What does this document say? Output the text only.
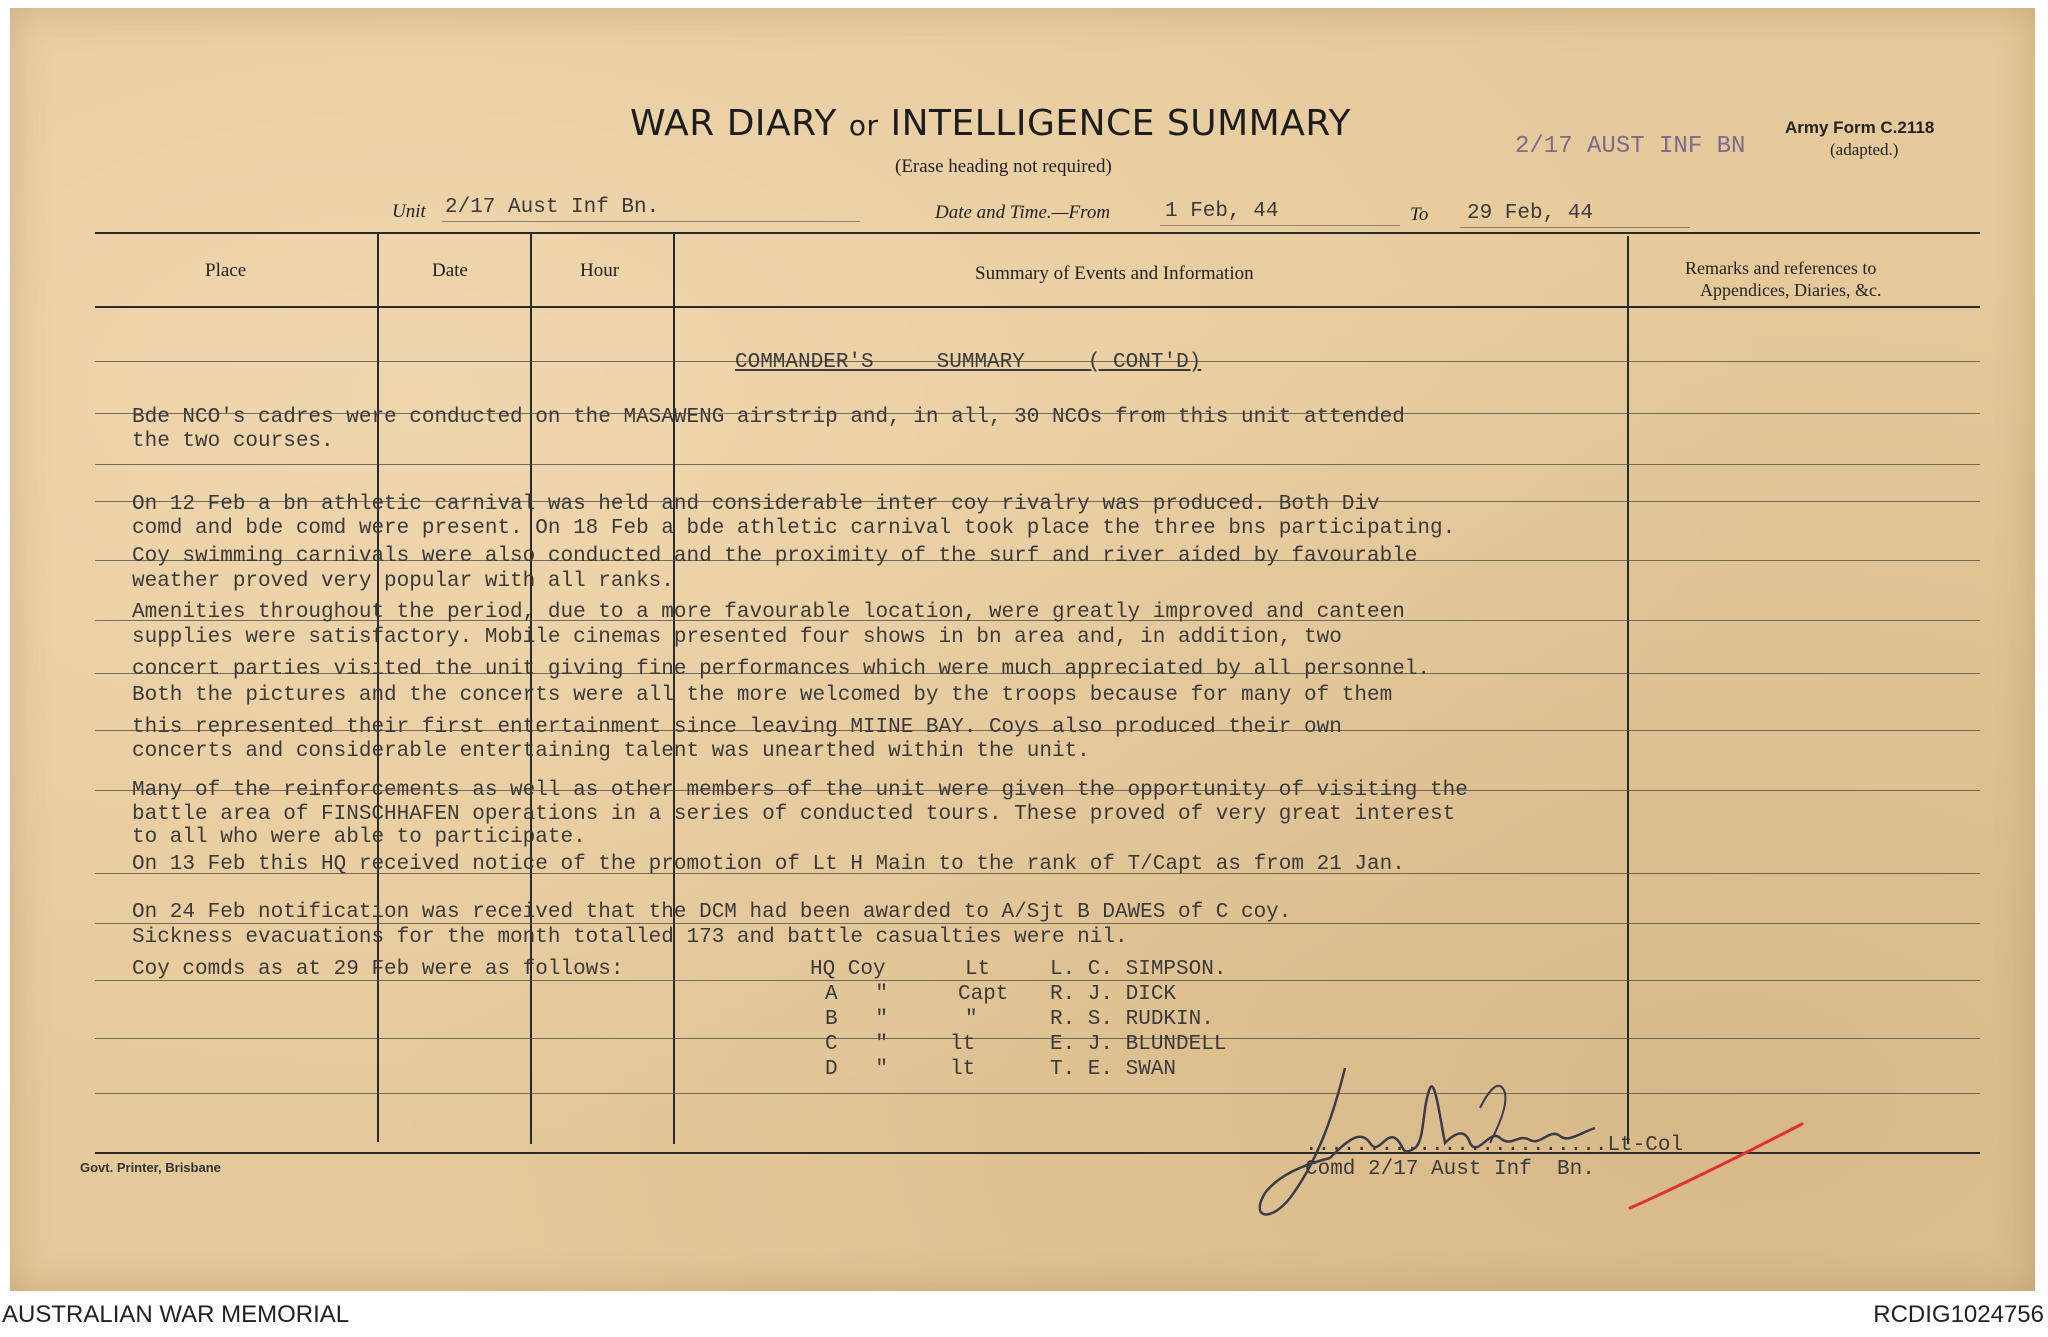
WAR DIARY or INTELLIGENCE SUMMARY
(Erase heading not required)
2/17 AUST INF BN
Army Form C.2118
(adapted.)
Unit 2/17 Aust Inf Bn.	Date and Time.—From	1 Feb, 44	To 29 Feb, 44
Place	Date	Hour	Summary of Events and Information	Remarks and references to
Appendices, Diaries, &c.
COMMANDER'S     SUMMARY     ( CONT'D)
Bde NCO's cadres were conducted on the MASAWENG airstrip and, in all, 30 NCOs from this unit attended
the two courses.
On 12 Feb a bn athletic carnival was held and considerable inter coy rivalry was produced. Both Div
comd and bde comd were present. On 18 Feb a bde athletic carnival took place the three bns participating.
Coy swimming carnivals were also conducted and the proximity of the surf and river aided by favourable
weather proved very popular with all ranks.
Amenities throughout the period, due to a more favourable location, were greatly improved and canteen
supplies were satisfactory. Mobile cinemas presented four shows in bn area and, in addition, two
concert parties visited the unit giving fine performances which were much appreciated by all personnel.
Both the pictures and the concerts were all the more welcomed by the troops because for many of them
this represented their first entertainment since leaving MIINE BAY. Coys also produced their own
concerts and considerable entertaining talent was unearthed within the unit.
Many of the reinforcements as well as other members of the unit were given the opportunity of visiting the
battle area of FINSCHHAFEN operations in a series of conducted tours. These proved of very great interest
to all who were able to participate.
On 13 Feb this HQ received notice of the promotion of Lt H Main to the rank of T/Capt as from 21 Jan.
On 24 Feb notification was received that the DCM had been awarded to A/Sjt B DAWES of C coy.
Sickness evacuations for the month totalled 173 and battle casualties were nil.
Coy comds as at 29 Feb were as follows:	HQ Coy	Lt	L. C. SIMPSON.
A   "	Capt R. J. DICK
B   "	"	R. S. RUDKIN.
C   "	lt	E. J. BLUNDELL
D   "	lt	T. E. SWAN
........................Lt-Col
Comd 2/17 Aust Inf  Bn.
Govt. Printer, Brisbane
AUSTRALIAN WAR MEMORIAL	RCDIG1024756
